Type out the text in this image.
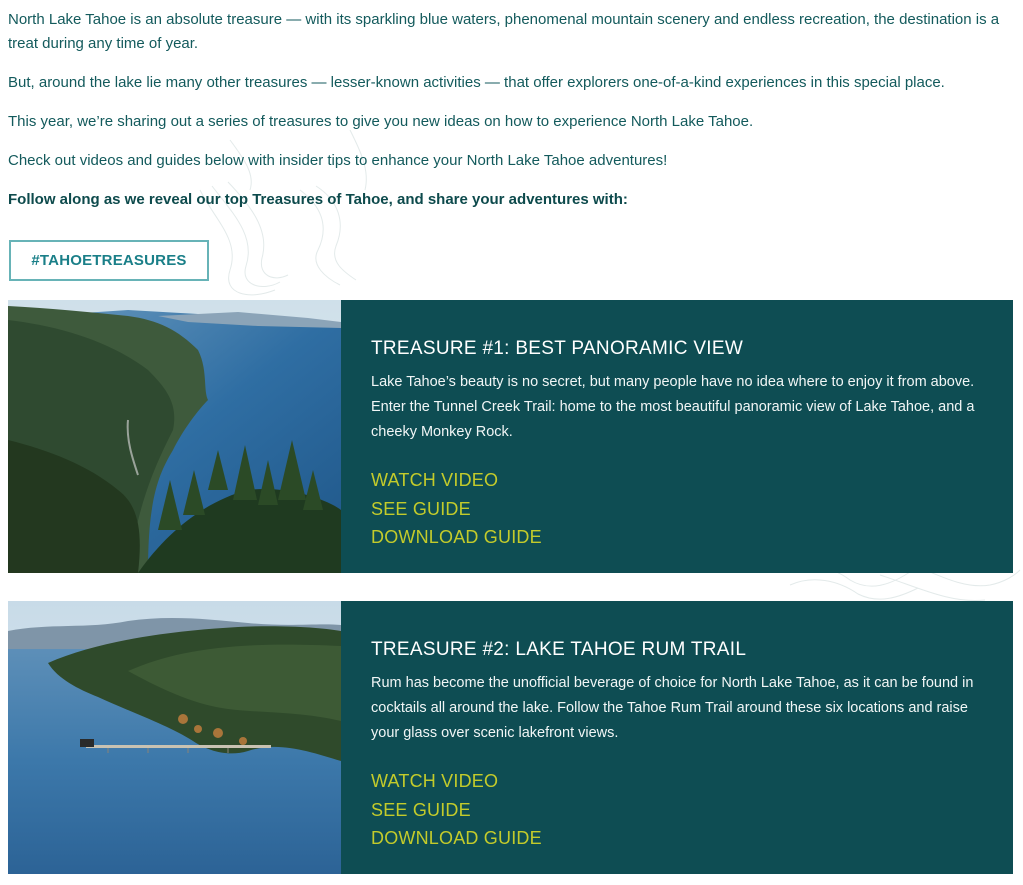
North Lake Tahoe is an absolute treasure — with its sparkling blue waters, phenomenal mountain scenery and endless recreation, the destination is a treat during any time of year.

But, around the lake lie many other treasures — lesser-known activities — that offer explorers one-of-a-kind experiences in this special place.

This year, we’re sharing out a series of treasures to give you new ideas on how to experience North Lake Tahoe.

Check out videos and guides below with insider tips to enhance your North Lake Tahoe adventures!

Follow along as we reveal our top Treasures of Tahoe, and share your adventures with:

#TAHOETREASURES
TREASURE #1: BEST PANORAMIC VIEW

Lake Tahoe’s beauty is no secret, but many people have no idea where to enjoy it from above. Enter the Tunnel Creek Trail: home to the most beautiful panoramic view of Lake Tahoe, and a cheeky Monkey Rock.

WATCH VIDEO
SEE GUIDE
DOWNLOAD GUIDE
TREASURE #2: LAKE TAHOE RUM TRAIL

Rum has become the unofficial beverage of choice for North Lake Tahoe, as it can be found in cocktails all around the lake. Follow the Tahoe Rum Trail around these six locations and raise your glass over scenic lakefront views.

WATCH VIDEO
SEE GUIDE
DOWNLOAD GUIDE
